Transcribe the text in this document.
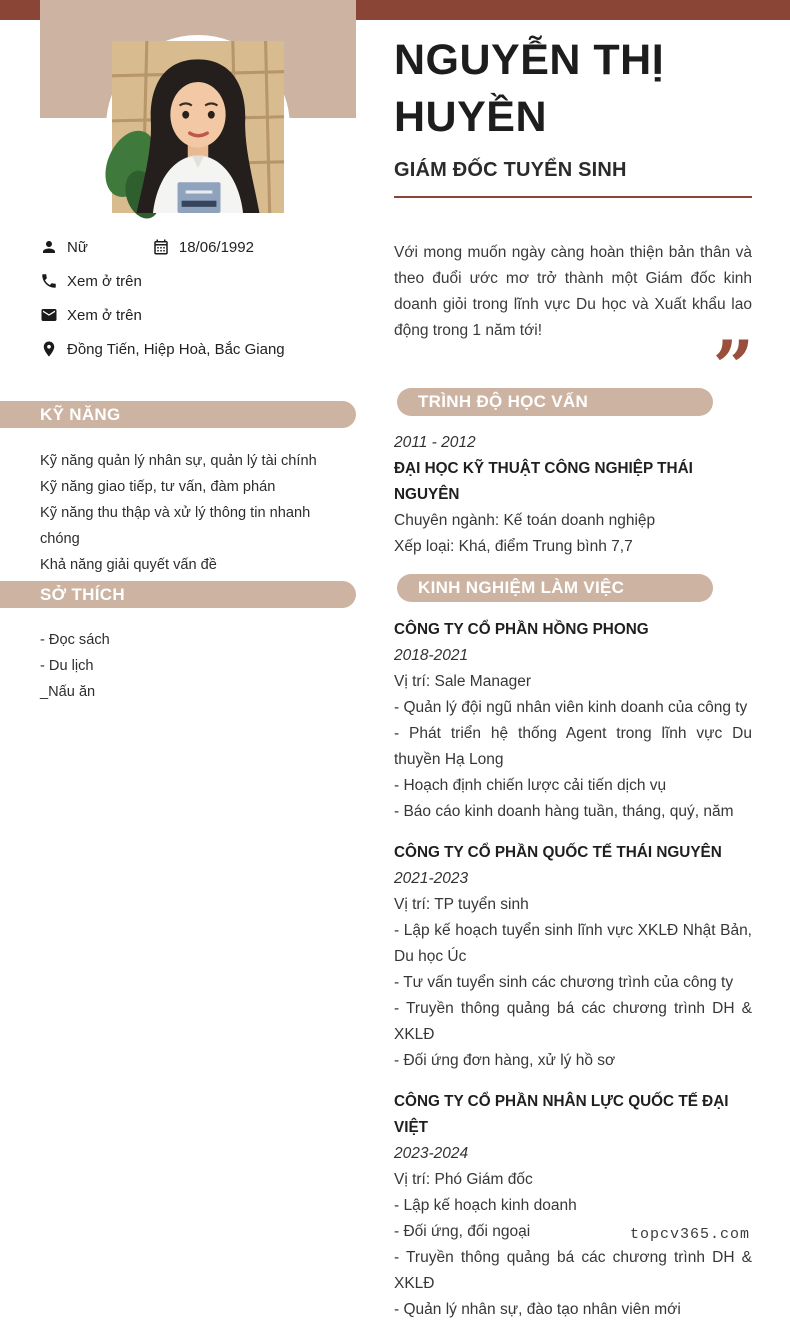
Nữ	18/06/1992
Xem ở trên
Xem ở trên
Đồng Tiến, Hiệp Hoà, Bắc Giang
KỸ NĂNG
Kỹ năng quản lý nhân sự, quản lý tài chính
Kỹ năng giao tiếp, tư vấn, đàm phán
Kỹ năng thu thập và xử lý thông tin nhanh chóng
Khả năng giải quyết vấn đề
SỞ THÍCH
- Đọc sách
- Du lịch
_Nấu ăn
NGUYỄN THỊ HUYỀN
GIÁM ĐỐC TUYỂN SINH

Với mong muốn ngày càng hoàn thiện bản thân và theo đuổi ước mơ trở thành một Giám đốc kinh doanh giỏi trong lĩnh vực Du học và Xuất khẩu lao động trong 1 năm tới!	”
TRÌNH ĐỘ HỌC VẤN
2011 - 2012
ĐẠI HỌC KỸ THUẬT CÔNG NGHIỆP THÁI NGUYÊN
Chuyên ngành: Kế toán doanh nghiệp
Xếp loại: Khá, điểm Trung bình 7,7
KINH NGHIỆM LÀM VIỆC
CÔNG TY CỔ PHẦN HỒNG PHONG
2018-2021
Vị trí: Sale Manager
- Quản lý đội ngũ nhân viên kinh doanh của công ty
- Phát triển hệ thống Agent trong lĩnh vực Du thuyền Hạ Long
- Hoạch định chiến lược cải tiến dịch vụ
- Báo cáo kinh doanh hàng tuần, tháng, quý, năm
CÔNG TY CỔ PHẦN QUỐC TẾ THÁI NGUYÊN
2021-2023
Vị trí: TP tuyển sinh
- Lập kế hoạch tuyển sinh lĩnh vực XKLĐ Nhật Bản, Du học Úc
- Tư vấn tuyển sinh các chương trình của công ty
- Truyền thông quảng bá các chương trình DH & XKLĐ
- Đối ứng đơn hàng, xử lý hồ sơ
CÔNG TY CỔ PHẦN NHÂN LỰC QUỐC TẾ ĐẠI VIỆT
2023-2024
Vị trí: Phó Giám đốc
- Lập kế hoạch kinh doanh
- Đối ứng, đối ngoại
- Truyền thông quảng bá các chương trình DH & XKLĐ
- Quản lý nhân sự, đào tạo nhân viên mới
topcv365.com
